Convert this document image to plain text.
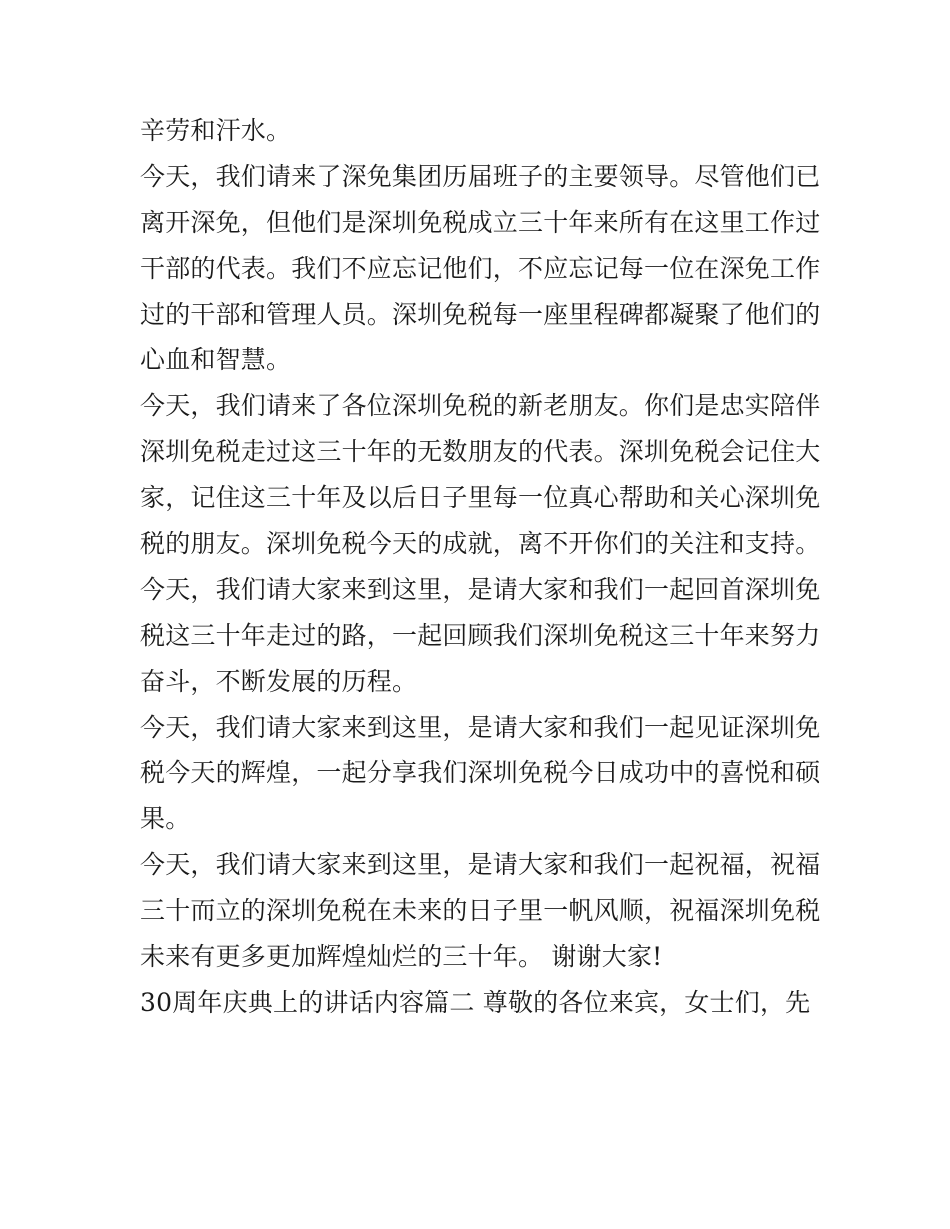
辛劳和汗水。
今天，我们请来了深免集团历届班子的主要领导。尽管他们已
离开深免，但他们是深圳免税成立三十年来所有在这里工作过
干部的代表。我们不应忘记他们，不应忘记每一位在深免工作
过的干部和管理人员。深圳免税每一座里程碑都凝聚了他们的
心血和智慧。
今天，我们请来了各位深圳免税的新老朋友。你们是忠实陪伴
深圳免税走过这三十年的无数朋友的代表。深圳免税会记住大
家，记住这三十年及以后日子里每一位真心帮助和关心深圳免
税的朋友。深圳免税今天的成就，离不开你们的关注和支持。
今天，我们请大家来到这里，是请大家和我们一起回首深圳免
税这三十年走过的路，一起回顾我们深圳免税这三十年来努力
奋斗，不断发展的历程。
今天，我们请大家来到这里，是请大家和我们一起见证深圳免
税今天的辉煌，一起分享我们深圳免税今日成功中的喜悦和硕
果。
今天，我们请大家来到这里，是请大家和我们一起祝福，祝福
三十而立的深圳免税在未来的日子里一帆风顺，祝福深圳免税
未来有更多更加辉煌灿烂的三十年。 谢谢大家!
30周年庆典上的讲话内容篇二 尊敬的各位来宾，女士们，先
